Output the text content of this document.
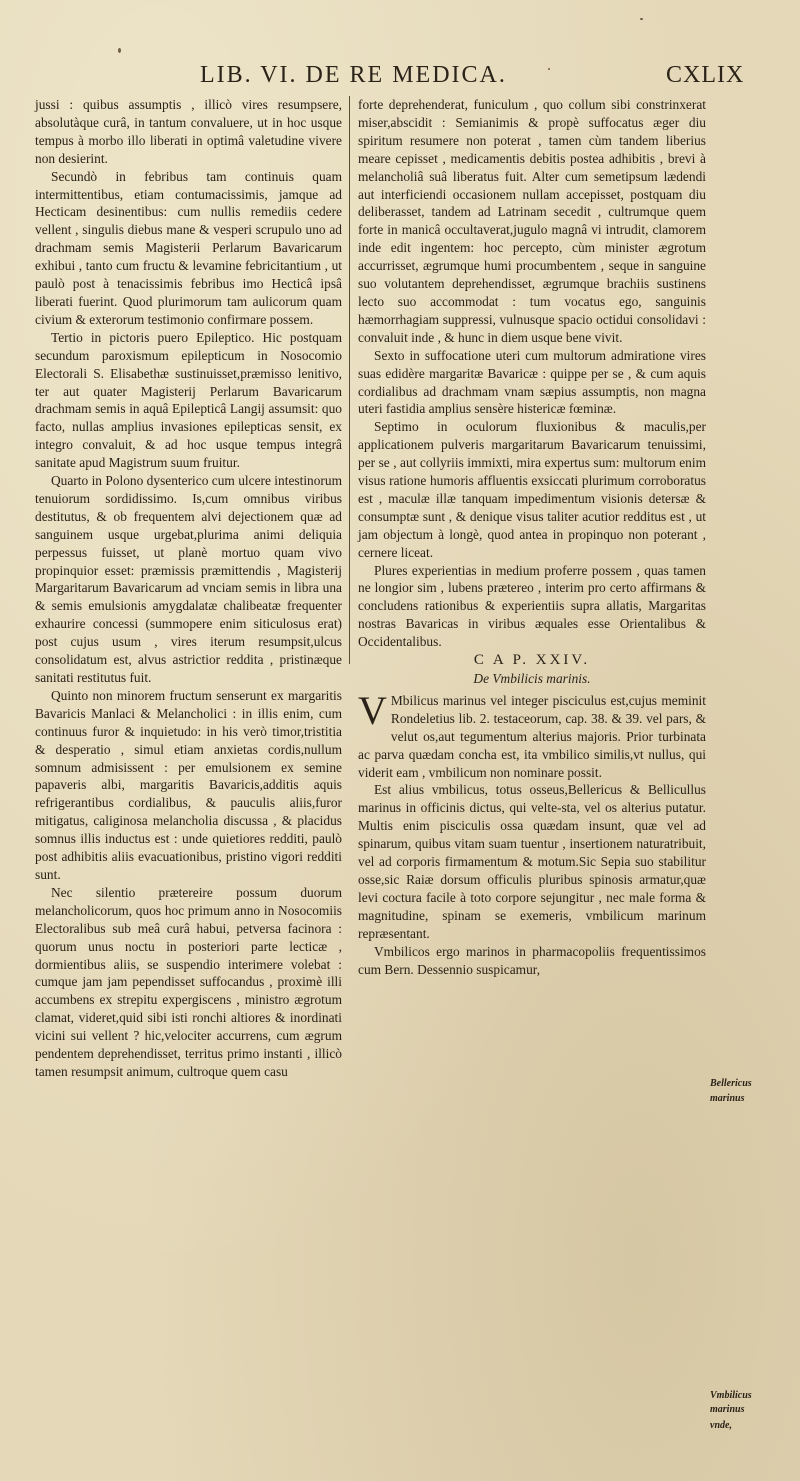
LIB. VI. DE RE MEDICA.	CXLIX

jussi : quibus assumptis , illicò vires resumpsere, absolutàque curâ, in tantum convaluere, ut in hoc usque tempus à morbo illo liberati in optimâ valetudine vivere non desierint.

Secundò in febribus tam continuis quam intermittentibus, etiam contumacissimis, jamque ad Hecticam desinentibus: cum nullis remediis cedere vellent , singulis diebus mane & vesperi scrupulo uno ad drachmam semis Magisterii Perlarum Bavaricarum exhibui , tanto cum fructu & levamine febricitantium , ut paulò post à tenacissimis febribus imo Hecticâ ipsâ liberati fuerint. Quod plurimorum tam aulicorum quam civium & exterorum testimonio confirmare possem.

Tertio in pictoris puero Epileptico. Hic postquam secundum paroxismum epilepticum in Nosocomio Electorali S. Elisabethæ sustinuisset,præmisso lenitivo, ter aut quater Magisterij Perlarum Bavaricarum drachmam semis in aquâ Epilepticâ Langij assumsit: quo facto, nullas amplius invasiones epilepticas sensit, ex integro convaluit, & ad hoc usque tempus integrâ sanitate apud Magistrum suum fruitur.

Quarto in Polono dysenterico cum ulcere intestinorum tenuiorum sordidissimo. Is,cum omnibus viribus destitutus, & ob frequentem alvi dejectionem quæ ad sanguinem usque urgebat,plurima animi deliquia perpessus fuisset, ut planè mortuo quam vivo propinquior esset: præmissis præmittendis , Magisterij Margaritarum Bavaricarum ad vnciam semis in libra una & semis emulsionis amygdalatæ chalibeatæ frequenter exhaurire concessi (summopere enim siticulosus erat) post cujus usum , vires iterum resumpsit,ulcus consolidatum est, alvus astrictior reddita , pristinæque sanitati restitutus fuit.

Quinto non minorem fructum senserunt ex margaritis Bavaricis Manlaci & Melancholici : in illis enim, cum continuus furor & inquietudo: in his verò timor,tristitia & desperatio , simul etiam anxietas cordis,nullum somnum admisissent : per emulsionem ex semine papaveris albi, margaritis Bavaricis,additis aquis refrigerantibus cordialibus, & pauculis aliis,furor mitigatus, caliginosa melancholia discussa , & placidus somnus illis inductus est : unde quietiores redditi, paulò post adhibitis aliis evacuationibus, pristino vigori redditi sunt.

Nec silentio prætereire possum duorum melancholicorum, quos hoc primum anno in Nosocomiis Electoralibus sub meâ curâ habui, petversa facinora : quorum unus noctu in posteriori parte lecticæ , dormientibus aliis, se suspendio interimere volebat : cumque jam jam pependisset suffocandus , proximè illi accumbens ex strepitu expergiscens , ministro ægrotum clamat, videret,quid sibi isti ronchi altiores & inordinati vicini sui vellent ? hic,velociter accurrens, cum ægrum pendentem deprehendisset, territus primo instanti , illicò tamen resumpsit animum, cultroque quem casu

forte deprehenderat, funiculum , quo collum sibi constrinxerat miser,abscidit : Semianimis & propè suffocatus æger diu spiritum resumere non poterat , tamen cùm tandem liberius meare cepisset , medicamentis debitis postea adhibitis , brevi à melancholiâ suâ liberatus fuit. Alter cum semetipsum lædendi aut interficiendi occasionem nullam accepisset, postquam diu deliberasset, tandem ad Latrinam secedit , cultrumque quem forte in manicâ occultaverat,jugulo magnâ vi intrudit, clamorem inde edit ingentem: hoc percepto, cùm minister ægrotum accurrisset, ægrumque humi procumbentem , seque in sanguine suo volutantem deprehendisset, ægrumque brachiis sustinens lecto suo accommodat : tum vocatus ego, sanguinis hæmorrhagiam suppressi, vulnusque spacio octidui consolidavi : convaluit inde , & hunc in diem usque bene vivit.

Sexto in suffocatione uteri cum multorum admiratione vires suas edidère margaritæ Bavaricæ : quippe per se , & cum aquis cordialibus ad drachmam vnam sæpius assumptis, non magna uteri fastidia amplius sensère histericæ fœminæ.

Septimo in oculorum fluxionibus & maculis,per applicationem pulveris margaritarum Bavaricarum tenuissimi, per se , aut collyriis immixti, mira expertus sum: multorum enim visus ratione humoris affluentis exsiccati plurimum corroboratus est , maculæ illæ tanquam impedimentum visionis detersæ & consumptæ sunt , & denique visus taliter acutior redditus est , ut jam objectum à longè, quod antea in propinquo non poterant , cernere liceat.

Plures experientias in medium proferre possem , quas tamen ne longior sim , lubens prætereo , interim pro certo affirmans & concludens rationibus & experientiis supra allatis, Margaritas nostras Bavaricas in viribus æquales esse Orientalibus & Occidentalibus.

C A P. XXIV.
De Vmbilicis marinis.

V Mbilicus marinus vel integer pisciculus est,cujus meminit Rondeletius lib. 2. testaceorum, cap. 38. & 39. vel pars, & velut os,aut tegumentum alterius majoris. Prior turbinata ac parva quædam concha est, ita vmbilico similis,vt nullus, qui viderit eam , vmbilicum non nominare possit.

Est alius vmbilicus, totus osseus,Bellericus & Bellicullus marinus in officinis dictus, qui velte-sta, vel os alterius putatur. Multis enim pisciculis ossa quædam insunt, quæ vel ad spinarum, quibus vitam suam tuentur , insertionem naturatribuit, vel ad corporis firmamentum & motum.Sic Sepia suo stabilitur osse,sic Raiæ dorsum officulis pluribus spinosis armatur,quæ levi coctura facile à toto corpore sejungitur , nec male forma & magnitudine, spinam se exemeris, vmbilicum marinum repræsentant.

Vmbilicos ergo marinos in pharmacopoliis frequentissimos cum Bern. Dessennio suspicamur,

Bellericus
marinus
Vmbilicus
marinus
vnde,
